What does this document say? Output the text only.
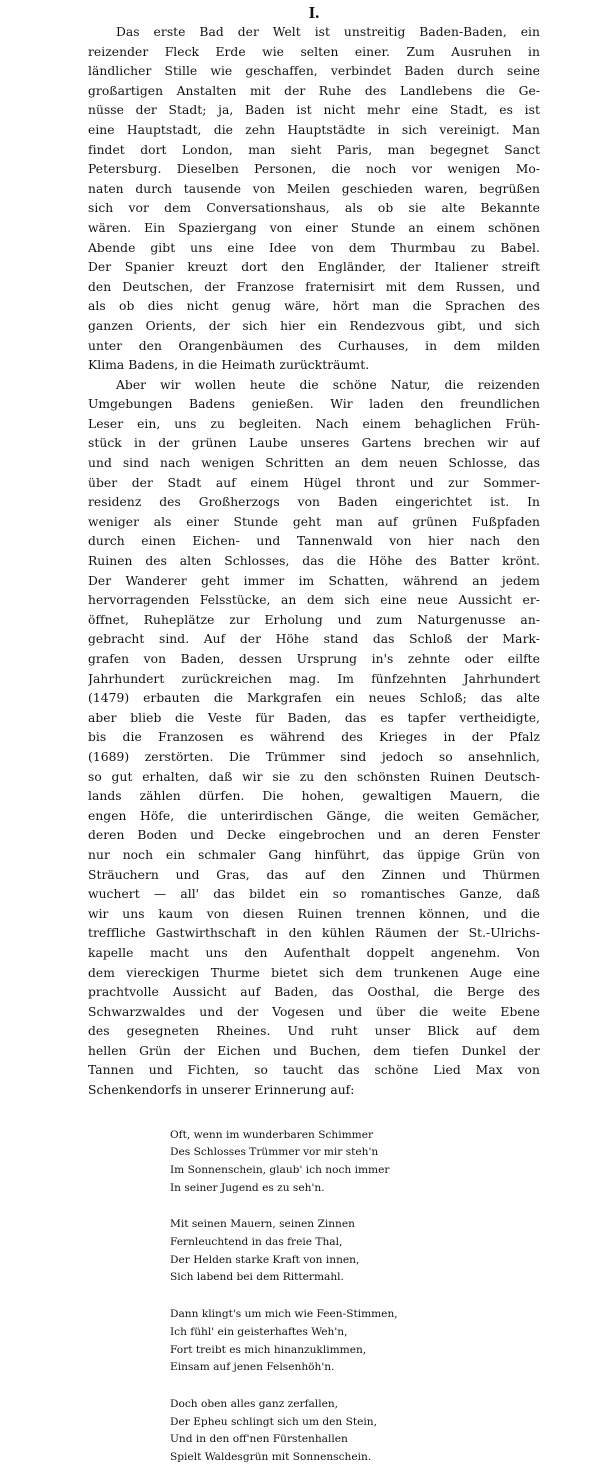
I.
Das erste Bad der Welt ist unstreitig Baden-Baden, ein
reizender Fleck Erde wie selten einer. Zum Ausruhen in
ländlicher Stille wie geschaffen, verbindet Baden durch seine
großartigen Anstalten mit der Ruhe des Landlebens die Ge-
nüsse der Stadt; ja, Baden ist nicht mehr eine Stadt, es ist
eine Hauptstadt, die zehn Hauptstädte in sich vereinigt. Man
findet dort London, man sieht Paris, man begegnet Sanct
Petersburg. Dieselben Personen, die noch vor wenigen Mo-
naten durch tausende von Meilen geschieden waren, begrüßen
sich vor dem Conversationshaus, als ob sie alte Bekannte
wären. Ein Spaziergang von einer Stunde an einem schönen
Abende gibt uns eine Idee von dem Thurmbau zu Babel.
Der Spanier kreuzt dort den Engländer, der Italiener streift
den Deutschen, der Franzose fraternisirt mit dem Russen, und
als ob dies nicht genug wäre, hört man die Sprachen des
ganzen Orients, der sich hier ein Rendezvous gibt, und sich
unter den Orangenbäumen des Curhauses, in dem milden
Klima Badens, in die Heimath zurückträumt.
Aber wir wollen heute die schöne Natur, die reizenden
Umgebungen Badens genießen. Wir laden den freundlichen
Leser ein, uns zu begleiten. Nach einem behaglichen Früh-
stück in der grünen Laube unseres Gartens brechen wir auf
und sind nach wenigen Schritten an dem neuen Schlosse, das
über der Stadt auf einem Hügel thront und zur Sommer-
residenz des Großherzogs von Baden eingerichtet ist. In
weniger als einer Stunde geht man auf grünen Fußpfaden
durch einen Eichen- und Tannenwald von hier nach den
Ruinen des alten Schlosses, das die Höhe des Batter krönt.
Der Wanderer geht immer im Schatten, während an jedem
hervorragenden Felsstücke, an dem sich eine neue Aussicht er-
öffnet, Ruheplätze zur Erholung und zum Naturgenusse an-
gebracht sind. Auf der Höhe stand das Schloß der Mark-
grafen von Baden, dessen Ursprung in's zehnte oder eilfte
Jahrhundert zurückreichen mag. Im fünfzehnten Jahrhundert
(1479) erbauten die Markgrafen ein neues Schloß; das alte
aber blieb die Veste für Baden, das es tapfer vertheidigte,
bis die Franzosen es während des Krieges in der Pfalz
(1689) zerstörten. Die Trümmer sind jedoch so ansehnlich,
so gut erhalten, daß wir sie zu den schönsten Ruinen Deutsch-
lands zählen dürfen. Die hohen, gewaltigen Mauern, die
engen Höfe, die unterirdischen Gänge, die weiten Gemächer,
deren Boden und Decke eingebrochen und an deren Fenster
nur noch ein schmaler Gang hinführt, das üppige Grün von
Sträuchern und Gras, das auf den Zinnen und Thürmen
wuchert — all' das bildet ein so romantisches Ganze, daß
wir uns kaum von diesen Ruinen trennen können, und die
treffliche Gastwirthschaft in den kühlen Räumen der St.-Ulrichs-
kapelle macht uns den Aufenthalt doppelt angenehm. Von
dem viereckigen Thurme bietet sich dem trunkenen Auge eine
prachtvolle Aussicht auf Baden, das Oosthal, die Berge des
Schwarzwaldes und der Vogesen und über die weite Ebene
des gesegneten Rheines. Und ruht unser Blick auf dem
hellen Grün der Eichen und Buchen, dem tiefen Dunkel der
Tannen und Fichten, so taucht das schöne Lied Max von
Schenkendorfs in unserer Erinnerung auf:
Oft, wenn im wunderbaren Schimmer
Des Schlosses Trümmer vor mir steh'n
Im Sonnenschein, glaub' ich noch immer
In seiner Jugend es zu seh'n.
Mit seinen Mauern, seinen Zinnen
Fernleuchtend in das freie Thal,
Der Helden starke Kraft von innen,
Sich labend bei dem Rittermahl.
Dann klingt's um mich wie Feen-Stimmen,
Ich fühl' ein geisterhaftes Weh'n,
Fort treibt es mich hinanzuklimmen,
Einsam auf jenen Felsenhöh'n.
Doch oben alles ganz zerfallen,
Der Epheu schlingt sich um den Stein,
Und in den off'nen Fürstenhallen
Spielt Waldesgrün mit Sonnenschein.
